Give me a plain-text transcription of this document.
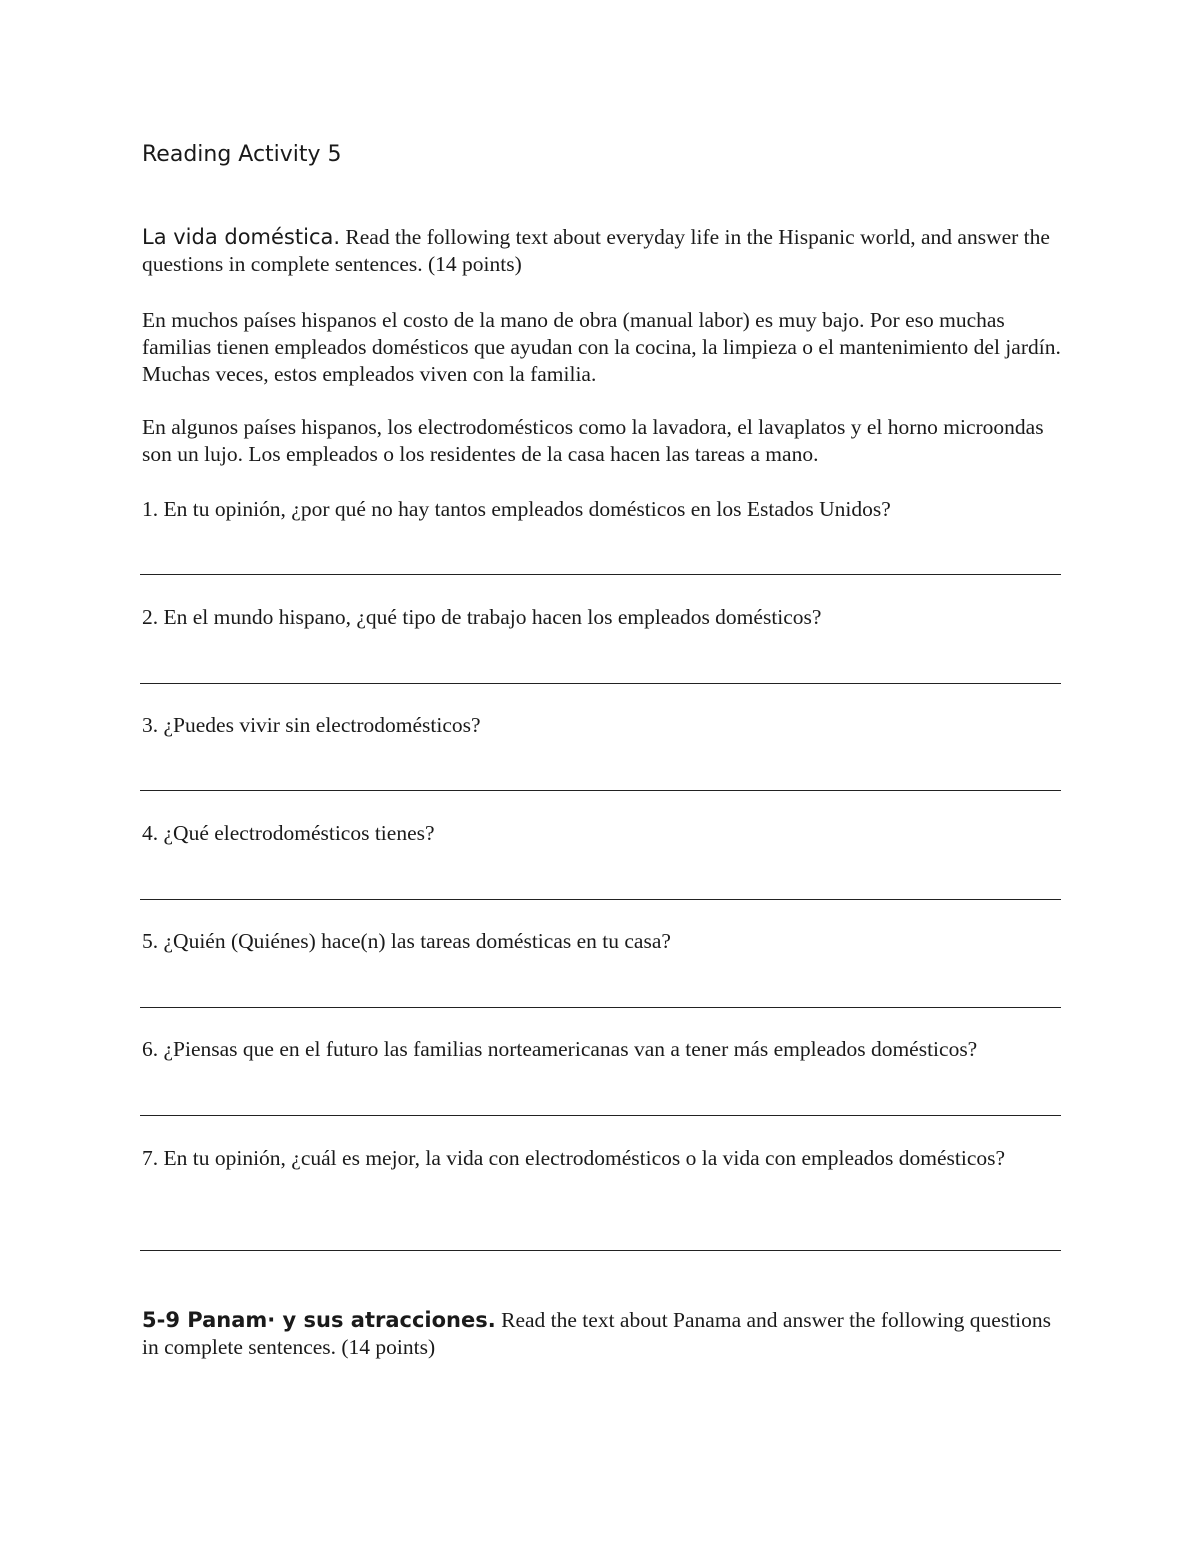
Reading Activity 5
La vida doméstica. Read the following text about everyday life in the Hispanic world, and answer the questions in complete sentences. (14 points)
En muchos países hispanos el costo de la mano de obra (manual labor) es muy bajo. Por eso muchas familias tienen empleados domésticos que ayudan con la cocina, la limpieza o el mantenimiento del jardín. Muchas veces, estos empleados viven con la familia.
En algunos países hispanos, los electrodomésticos como la lavadora, el lavaplatos y el horno microondas son un lujo. Los empleados o los residentes de la casa hacen las tareas a mano.
1. En tu opinión, ¿por qué no hay tantos empleados domésticos en los Estados Unidos?
2. En el mundo hispano, ¿qué tipo de trabajo hacen los empleados domésticos?
3. ¿Puedes vivir sin electrodomésticos?
4. ¿Qué electrodomésticos tienes?
5. ¿Quién (Quiénes) hace(n) las tareas domésticas en tu casa?
6. ¿Piensas que en el futuro las familias norteamericanas van a tener más empleados domésticos?
7. En tu opinión, ¿cuál es mejor, la vida con electrodomésticos o la vida con empleados domésticos?
5-9 Panam· y sus atracciones. Read the text about Panama and answer the following questions in complete sentences. (14 points)
